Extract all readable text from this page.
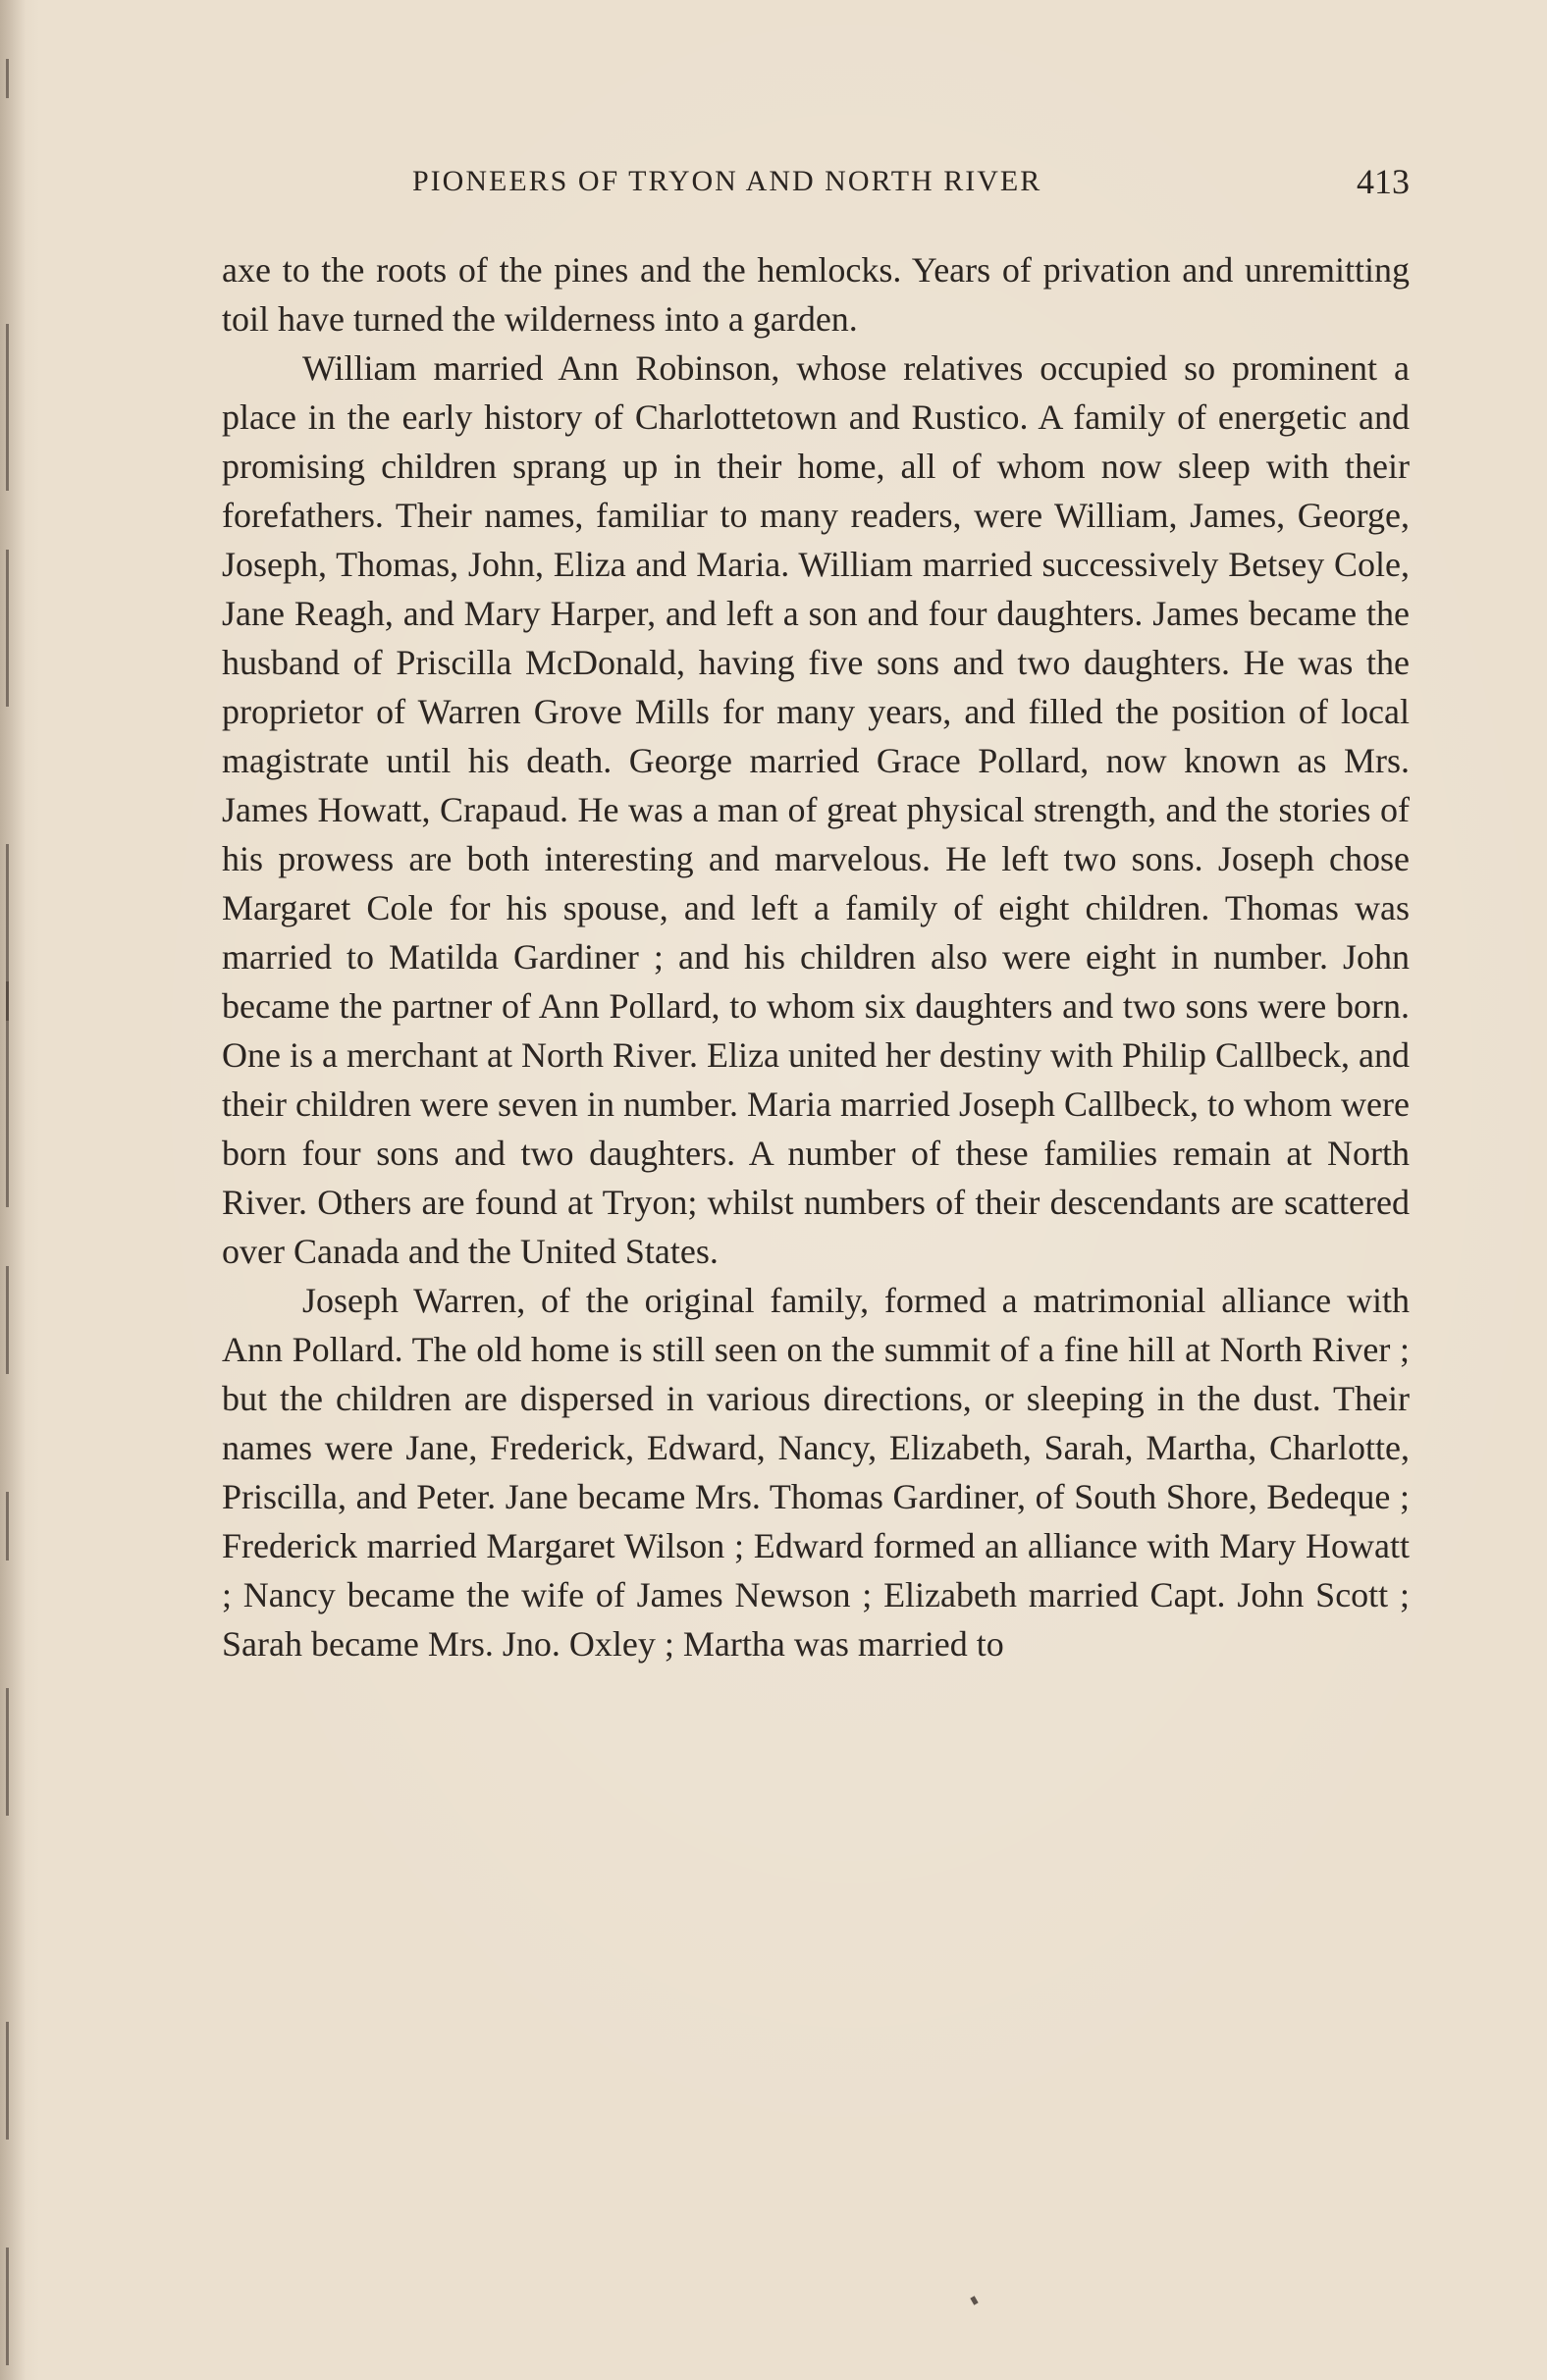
PIONEERS OF TRYON AND NORTH RIVER	413

axe to the roots of the pines and the hemlocks. Years of privation and unremitting toil have turned the wilderness into a garden.

William married Ann Robinson, whose relatives occupied so prominent a place in the early history of Charlottetown and Rustico. A family of energetic and promising children sprang up in their home, all of whom now sleep with their forefathers. Their names, familiar to many readers, were William, James, George, Joseph, Thomas, John, Eliza and Maria. William married successively Betsey Cole, Jane Reagh, and Mary Harper, and left a son and four daughters. James became the husband of Priscilla McDonald, having five sons and two daughters. He was the proprietor of Warren Grove Mills for many years, and filled the position of local magistrate until his death. George married Grace Pollard, now known as Mrs. James Howatt, Crapaud. He was a man of great physical strength, and the stories of his prowess are both interesting and marvelous. He left two sons. Joseph chose Margaret Cole for his spouse, and left a family of eight children. Thomas was married to Matilda Gardiner ; and his children also were eight in number. John became the partner of Ann Pollard, to whom six daughters and two sons were born. One is a merchant at North River. Eliza united her destiny with Philip Callbeck, and their children were seven in number. Maria married Joseph Callbeck, to whom were born four sons and two daughters. A number of these families remain at North River. Others are found at Tryon; whilst numbers of their descendants are scattered over Canada and the United States.

Joseph Warren, of the original family, formed a matrimonial alliance with Ann Pollard. The old home is still seen on the summit of a fine hill at North River ; but the children are dispersed in various directions, or sleeping in the dust. Their names were Jane, Frederick, Edward, Nancy, Elizabeth, Sarah, Martha, Charlotte, Priscilla, and Peter. Jane became Mrs. Thomas Gardiner, of South Shore, Bedeque ; Frederick married Margaret Wilson ; Edward formed an alliance with Mary Howatt ; Nancy became the wife of James Newson ; Elizabeth married Capt. John Scott ; Sarah became Mrs. Jno. Oxley ; Martha was married to
